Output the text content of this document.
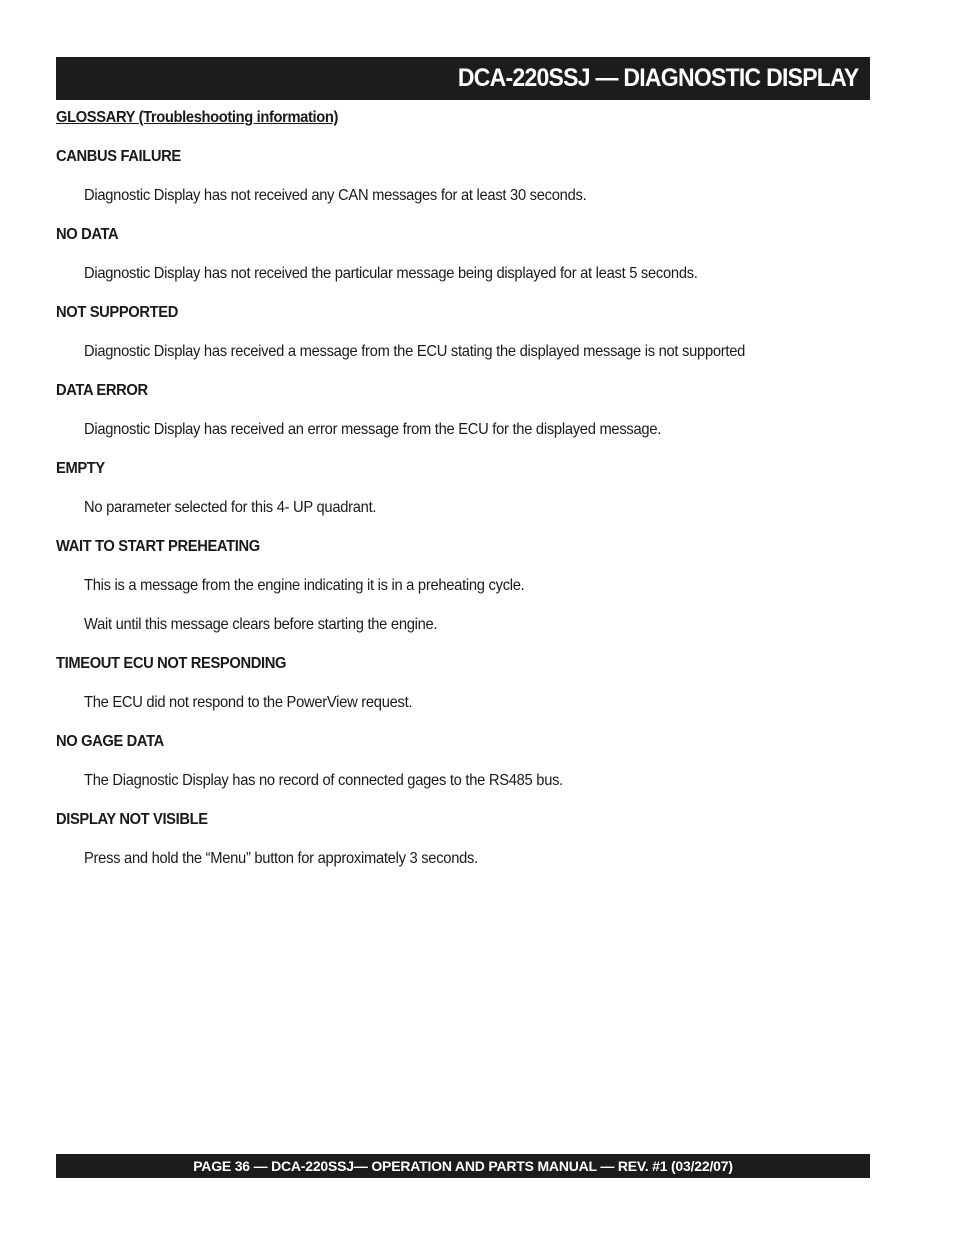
DCA-220SSJ — DIAGNOSTIC DISPLAY
GLOSSARY (Troubleshooting information)
CANBUS FAILURE
Diagnostic Display has not received any CAN messages for at least 30 seconds.
NO DATA
Diagnostic Display has not received the particular message being displayed for at least 5 seconds.
NOT SUPPORTED
Diagnostic Display has received a message from the ECU stating the displayed message is not supported
DATA ERROR
Diagnostic Display has received an error message from the ECU for the displayed message.
EMPTY
No parameter selected for this 4- UP quadrant.
WAIT TO START PREHEATING
This is a message from the engine indicating it is in a preheating cycle.
Wait until this message clears before starting the engine.
TIMEOUT ECU NOT RESPONDING
The ECU did not respond to the PowerView request.
NO GAGE DATA
The Diagnostic Display has no record of connected gages to the RS485 bus.
DISPLAY NOT VISIBLE
Press and hold the “Menu” button for approximately 3 seconds.
PAGE 36 — DCA-220SSJ— OPERATION AND PARTS MANUAL — REV. #1 (03/22/07)
